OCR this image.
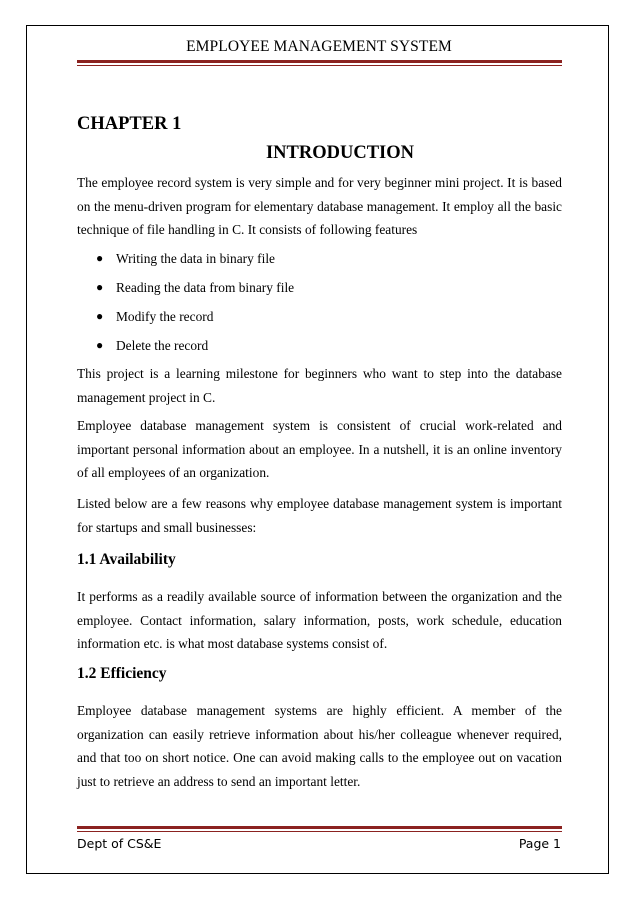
EMPLOYEE MANAGEMENT SYSTEM
CHAPTER 1
INTRODUCTION

The employee record system is very simple and for very beginner mini project. It is based on the menu-driven program for elementary database management. It employ all the basic technique of file handling in C. It consists of following features

● Writing the data in binary file
● Reading the data from binary file
● Modify the record
● Delete the record

This project is a learning milestone for beginners who want to step into the database management project in C.

Employee database management system is consistent of crucial work-related and important personal information about an employee. In a nutshell, it is an online inventory of all employees of an organization.

Listed below are a few reasons why employee database management system is important for startups and small businesses:

1.1 Availability

It performs as a readily available source of information between the organization and the employee. Contact information, salary information, posts, work schedule, education information etc. is what most database systems consist of.

1.2 Efficiency

Employee database management systems are highly efficient. A member of the organization can easily retrieve information about his/her colleague whenever required, and that too on short notice. One can avoid making calls to the employee out on vacation just to retrieve an address to send an important letter.

Dept of CS&E	Page 1
